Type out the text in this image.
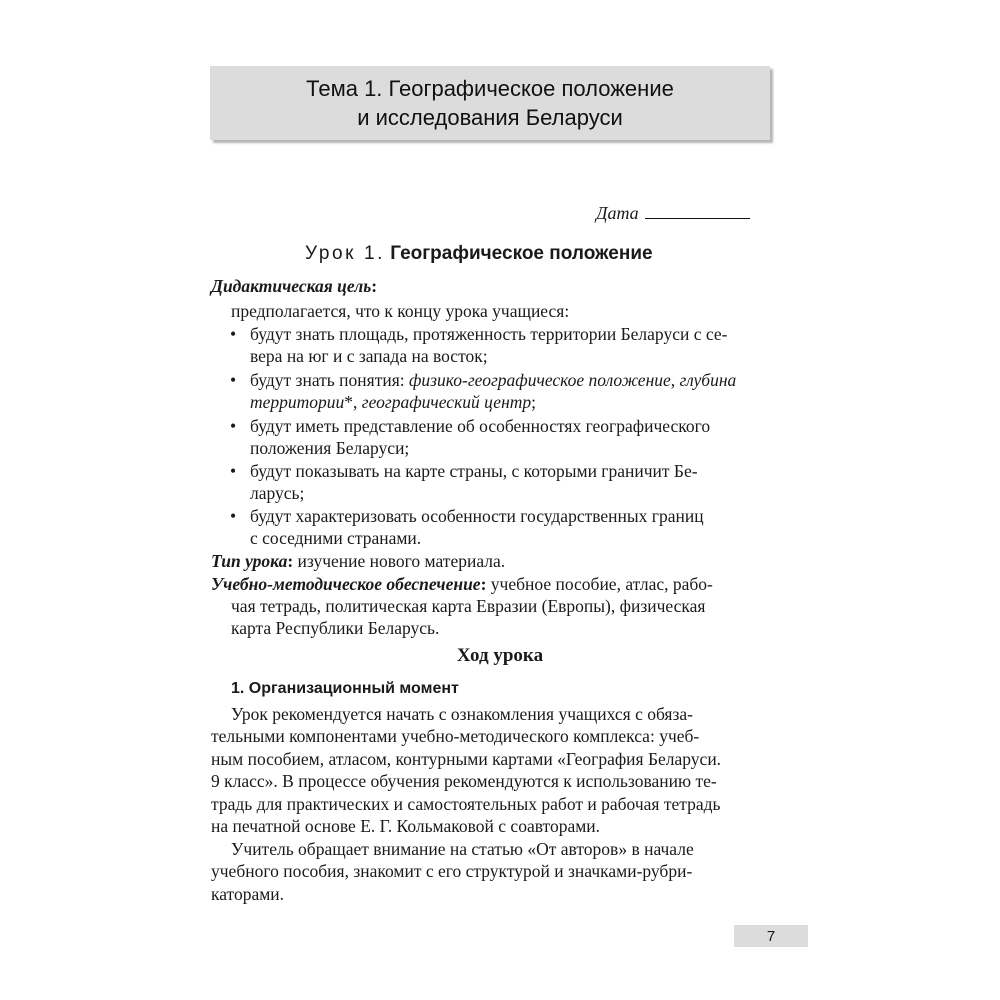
Тема 1. Географическое положение
и исследования Беларуси
Дата
Урок 1. Географическое положение
Дидактическая цель:
предполагается, что к концу урока учащиеся:
• будут знать площадь, протяженность территории Беларуси с се-
вера на юг и с запада на восток;
• будут знать понятия: физико-географическое положение, глубина
территории*, географический центр;
• будут иметь представление об особенностях географического
положения Беларуси;
• будут показывать на карте страны, с которыми граничит Бе-
ларусь;
• будут характеризовать особенности государственных границ
с соседними странами.
Тип урока: изучение нового материала.
Учебно-методическое обеспечение: учебное пособие, атлас, рабо-
чая тетрадь, политическая карта Евразии (Европы), физическая
карта Республики Беларусь.
Ход урока
1. Организационный момент
Урок рекомендуется начать с ознакомления учащихся с обяза-
тельными компонентами учебно-методического комплекса: учеб-
ным пособием, атласом, контурными картами «География Беларуси.
9 класс». В процессе обучения рекомендуются к использованию те-
традь для практических и самостоятельных работ и рабочая тетрадь
на печатной основе Е. Г. Кольмаковой с соавторами.
Учитель обращает внимание на статью «От авторов» в начале
учебного пособия, знакомит с его структурой и значками-рубри-
каторами.
7
